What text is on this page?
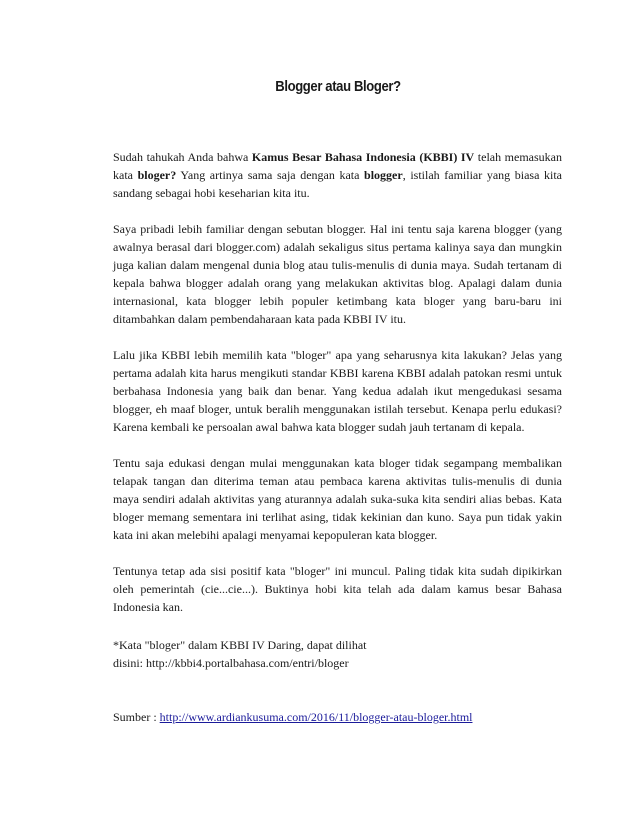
Blogger atau Bloger?

Sudah tahukah Anda bahwa Kamus Besar Bahasa Indonesia (KBBI) IV telah memasukan kata bloger? Yang artinya sama saja dengan kata blogger, istilah familiar yang biasa kita sandang sebagai hobi keseharian kita itu.

Saya pribadi lebih familiar dengan sebutan blogger. Hal ini tentu saja karena blogger (yang awalnya berasal dari blogger.com) adalah sekaligus situs pertama kalinya saya dan mungkin juga kalian dalam mengenal dunia blog atau tulis-menulis di dunia maya. Sudah tertanam di kepala bahwa blogger adalah orang yang melakukan aktivitas blog. Apalagi dalam dunia internasional, kata blogger lebih populer ketimbang kata bloger yang baru-baru ini ditambahkan dalam pembendaharaan kata pada KBBI IV itu.

Lalu jika KBBI lebih memilih kata "bloger" apa yang seharusnya kita lakukan? Jelas yang pertama adalah kita harus mengikuti standar KBBI karena KBBI adalah patokan resmi untuk berbahasa Indonesia yang baik dan benar. Yang kedua adalah ikut mengedukasi sesama blogger, eh maaf bloger, untuk beralih menggunakan istilah tersebut. Kenapa perlu edukasi? Karena kembali ke persoalan awal bahwa kata blogger sudah jauh tertanam di kepala.

Tentu saja edukasi dengan mulai menggunakan kata bloger tidak segampang membalikan telapak tangan dan diterima teman atau pembaca karena aktivitas tulis-menulis di dunia maya sendiri adalah aktivitas yang aturannya adalah suka-suka kita sendiri alias bebas. Kata bloger memang sementara ini terlihat asing, tidak kekinian dan kuno. Saya pun tidak yakin kata ini akan melebihi apalagi menyamai kepopuleran kata blogger.

Tentunya tetap ada sisi positif kata "bloger" ini muncul. Paling tidak kita sudah dipikirkan oleh pemerintah (cie...cie...). Buktinya hobi kita telah ada dalam kamus besar Bahasa Indonesia kan.

*Kata "bloger" dalam KBBI IV Daring, dapat dilihat
disini: http://kbbi4.portalbahasa.com/entri/bloger

Sumber : http://www.ardiankusuma.com/2016/11/blogger-atau-bloger.html
